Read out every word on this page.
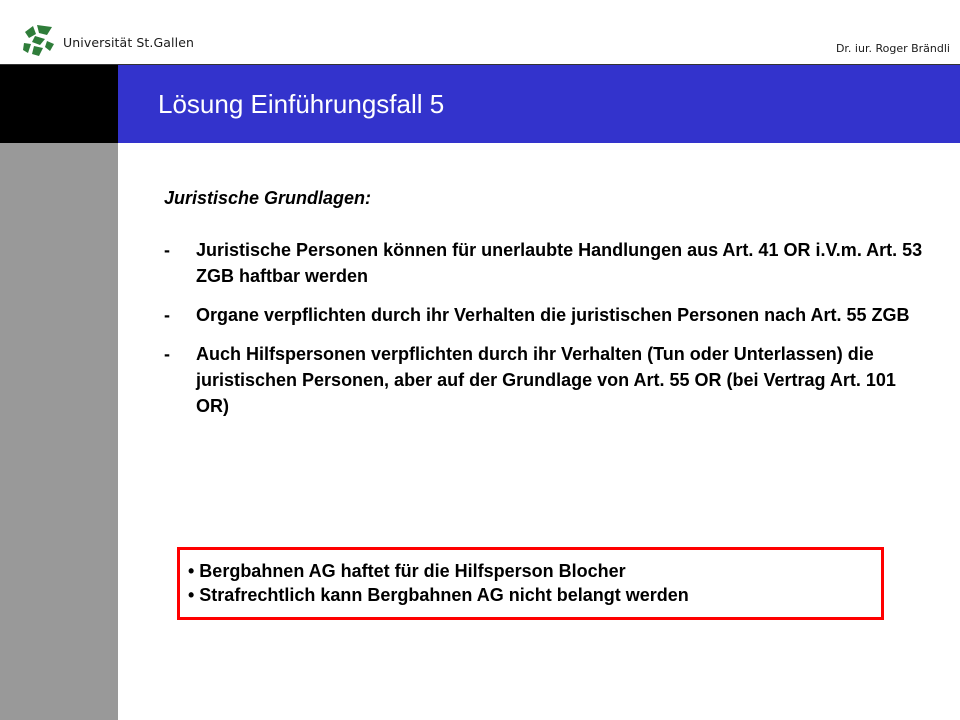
Universität St.Gallen	Dr. iur. Roger Brändli
Lösung Einführungsfall 5
Juristische Grundlagen:
-	Juristische Personen können für unerlaubte Handlungen aus Art. 41 OR i.V.m. Art. 53 ZGB haftbar werden
-	Organe verpflichten durch ihr Verhalten die juristischen Personen nach Art. 55 ZGB
-	Auch Hilfspersonen verpflichten durch ihr Verhalten (Tun oder Unterlassen) die juristischen Personen, aber auf der Grundlage von Art. 55 OR (bei Vertrag Art. 101 OR)
• Bergbahnen AG haftet für die Hilfsperson Blocher
• Strafrechtlich kann Bergbahnen AG nicht belangt werden
